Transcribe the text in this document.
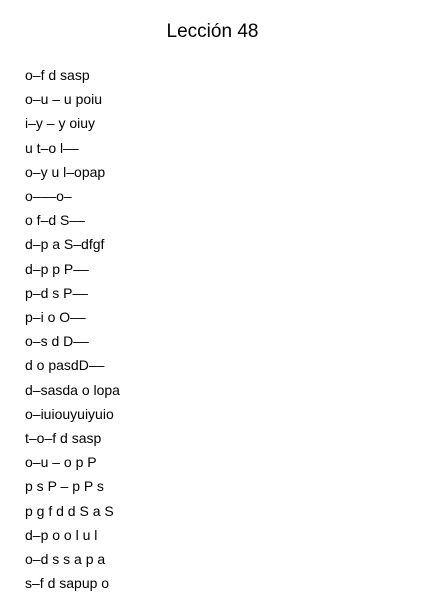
Lección 48
o–f d sasp
o–u – u poiu
i–y – y oiuy
u t–o l––
o–y u l–opap
o–––o–
o f–d S––
d–p a S–dfgf
d–p p P––
p–d s P––
p–i o O––
o–s d D––
d o pasdD––
d–sasda o lopa
o–iuiouyuiyuio
t–o–f d sasp
o–u – o p P
p s P – p P s
p g f d d S a S
d–p o o l u l
o–d s s a p a
s–f d sapup o
